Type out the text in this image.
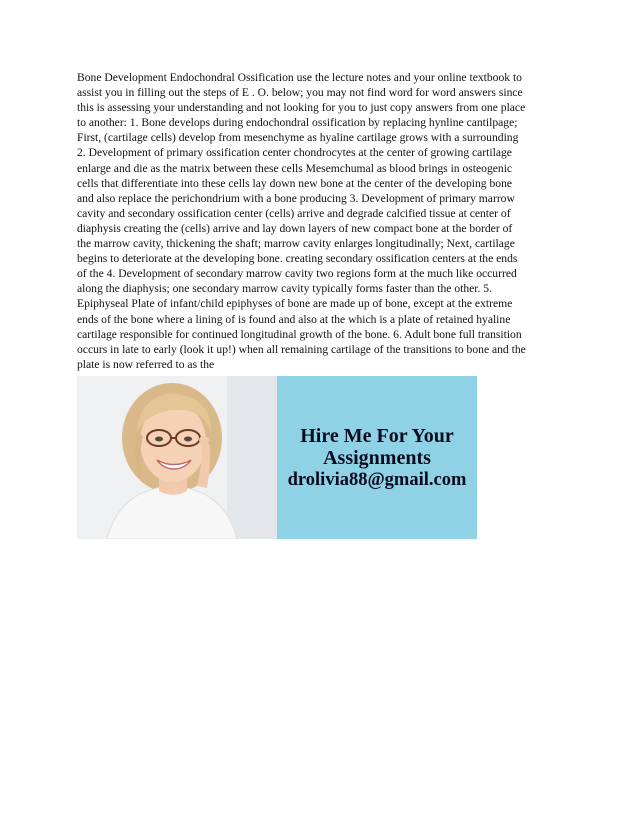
Bone Development Endochondral Ossification use the lecture notes and your online textbook to
assist you in filling out the steps of E . O. below; you may not find word for word answers since
this is assessing your understanding and not looking for you to just copy answers from one place
to another: 1. Bone develops during endochondral ossification by replacing hynline cantilpage;
First, (cartilage cells) develop from mesenchyme as hyaline cartilage grows with a surrounding
2. Development of primary ossification center chondrocytes at the center of growing cartilage
enlarge and die as the matrix between these cells Mesemchumal as blood brings in osteogenic
cells that differentiate into these cells lay down new bone at the center of the developing bone
and also replace the perichondrium with a bone producing 3. Development of primary marrow
cavity and secondary ossification center (cells) arrive and degrade calcified tissue at center of
diaphysis creating the (cells) arrive and lay down layers of new compact bone at the border of
the marrow cavity, thickening the shaft; marrow cavity enlarges longitudinally; Next, cartilage
begins to deteriorate at the developing bone. creating secondary ossification centers at the ends
of the 4. Development of secondary marrow cavity two regions form at the much like occurred
along the diaphysis; one secondary marrow cavity typically forms faster than the other. 5.
Epiphyseal Plate of infant/child epiphyses of bone are made up of bone, except at the extreme
ends of the bone where a lining of is found and also at the which is a plate of retained hyaline
cartilage responsible for continued longitudinal growth of the bone. 6. Adult bone full transition
occurs in late to early (look it up!) when all remaining cartilage of the transitions to bone and the
plate is now referred to as the
Hire Me For Your
Assignments
drolivia88@gmail.com
